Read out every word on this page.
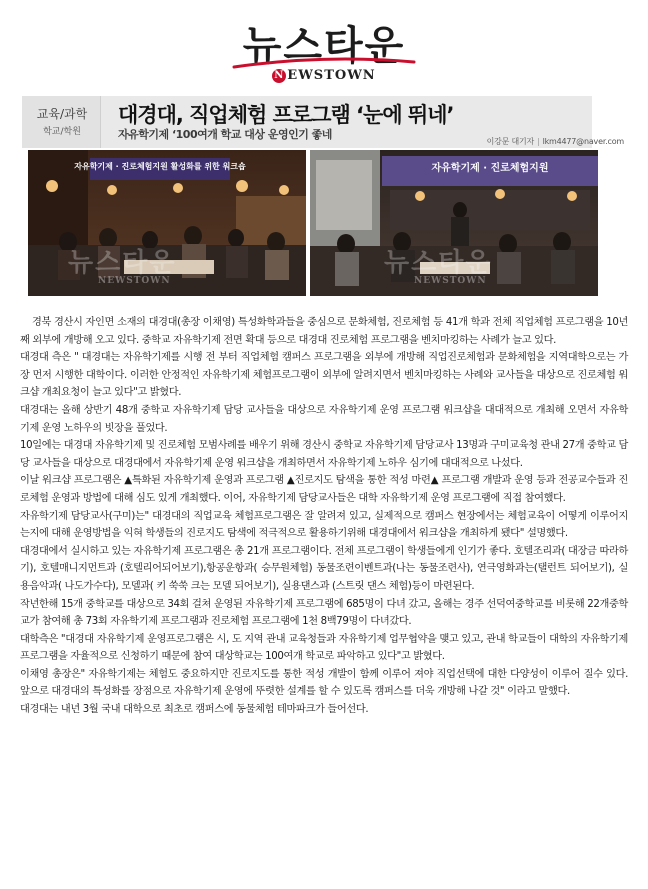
뉴스타운
N EWSTOWN
교육/과학
학교/학원
대경대, 직업체험 프로그램 ‘눈에 뛰네’
자유학기제 ‘100여개 학교 대상 운영인기 좋네
이강문 대기자 | lkm4477@naver.com
자유학기제 · 진로체험지원 활성화를 위한 워크숍
뉴스타운
NEWSTOWN
자유학기제 · 진로체험지원
뉴스타운
NEWSTOWN

경북 경산시 자인면 소재의 대경대(총장 이채영) 특성화학과들을 중심으로 문화체험, 진로체험 등 41개 학과 전체 직업체험 프로그램을 10년째 외부에 개방해 오고 있다. 중학교 자유학기제 전면 확대 등으로 대경대 진로체험 프로그램을 벤치마킹하는 사례가 늘고 있다.

대경대 측은 " 대경대는 자유학기제를 시행 전 부터 직업체험 캠퍼스 프로그램을 외부에 개방해 직업진로체험과 문화체험을 지역대학으로는 가장 먼저 시행한 대학이다. 이러한 안정적인 자유학기제 체험프로그램이 외부에 알려지면서 벤치마킹하는 사례와 교사들을 대상으로 진로체험 워크샵 개최요청이 늘고 있다"고 밝혔다.

대경대는 올해 상반기 48개 중학교 자유학기제 담당 교사들을 대상으로 자유학기제 운영 프로그램 워크샵을 대대적으로 개최해 오면서 자유학기제 운영 노하우의 빗장을 풀었다.

10일에는 대경대 자유학기제 및 진로체험 모범사례를 배우기 위해 경산시 중학교 자유학기제 담당교사 13명과 구미교육청 관내 27개 중학교 담당 교사들을 대상으로 대경대에서 자유학기제 운영 워크샵을 개최하면서 자유학기제 노하우 심기에 대대적으로 나섰다.

이날 워크샵 프로그램은 ▲특화된 자유학기제 운영과 프로그램 ▲진로지도 탐색을 통한 적성 마련▲ 프로그램 개발과 운영 등과 전공교수들과 진로체험 운영과 방법에 대해 심도 있게 개최했다. 이어, 자유학기제 담당교사들은 대학 자유학기제 운영 프로그램에 직접 참여했다.

자유학기제 담당교사(구미)는" 대경대의 직업교육 체험프로그램은 잘 알려져 있고, 실제적으로 캠퍼스 현장에서는 체험교육이 어떻게 이루어지는지에 대해 운영방법을 익혀 학생들의 진로지도 탐색에 적극적으로 활용하기위해 대경대에서 워크샵을 개최하게 됐다" 설명했다.

대경대에서 실시하고 있는 자유학기제 프로그램은 총 21개 프로그램이다. 전체 프로그램이 학생들에게 인기가 좋다. 호텔조리과( 대장금 따라하기), 호텔매니지먼트과 (호텔리어되어보기),항공운항과( 승무원체험) 동물조련이벤트과(나는 동물조련사), 연극영화과는(탤런트 되어보기), 실용음악과( 나도가수다), 모델과( 키 쑥쑥 크는 모델 되어보기), 실용댄스과 (스트릿 댄스 체험)등이 마련된다.

작년한해 15개 중학교를 대상으로 34회 걸쳐 운영된 자유학기제 프로그램에 685명이 다녀 갔고, 올해는 경주 선덕여중학교를 비롯해 22개중학교가 참여해 총 73회 자유학기제 프로그램과 진로체험 프로그램에 1천 8백79명이 다녀갔다.

대학측은 "대경대 자유학기제 운영프로그램은 시, 도 지역 관내 교육청들과 자유학기제 업무협약을 맺고 있고, 관내 학교들이 대학의 자유학기제 프로그램을 자율적으로 신청하기 때문에 참여 대상학교는 100여개 학교로 파악하고 있다"고 밝혔다.

이채영 총장은" 자유학기제는 체험도 중요하지만 진로지도를 통한 적성 개발이 함께 이루어 져야 직업선택에 대한 다양성이 이루어 질수 있다. 앞으로 대경대의 특성화를 장점으로 자유학기제 운영에 뚜렷한 설계를 할 수 있도록 캠퍼스를 더욱 개방해 나갈 것" 이라고 말했다.

대경대는 내년 3월 국내 대학으로 최초로 캠퍼스에 동물체험 테마파크가 들어선다.
